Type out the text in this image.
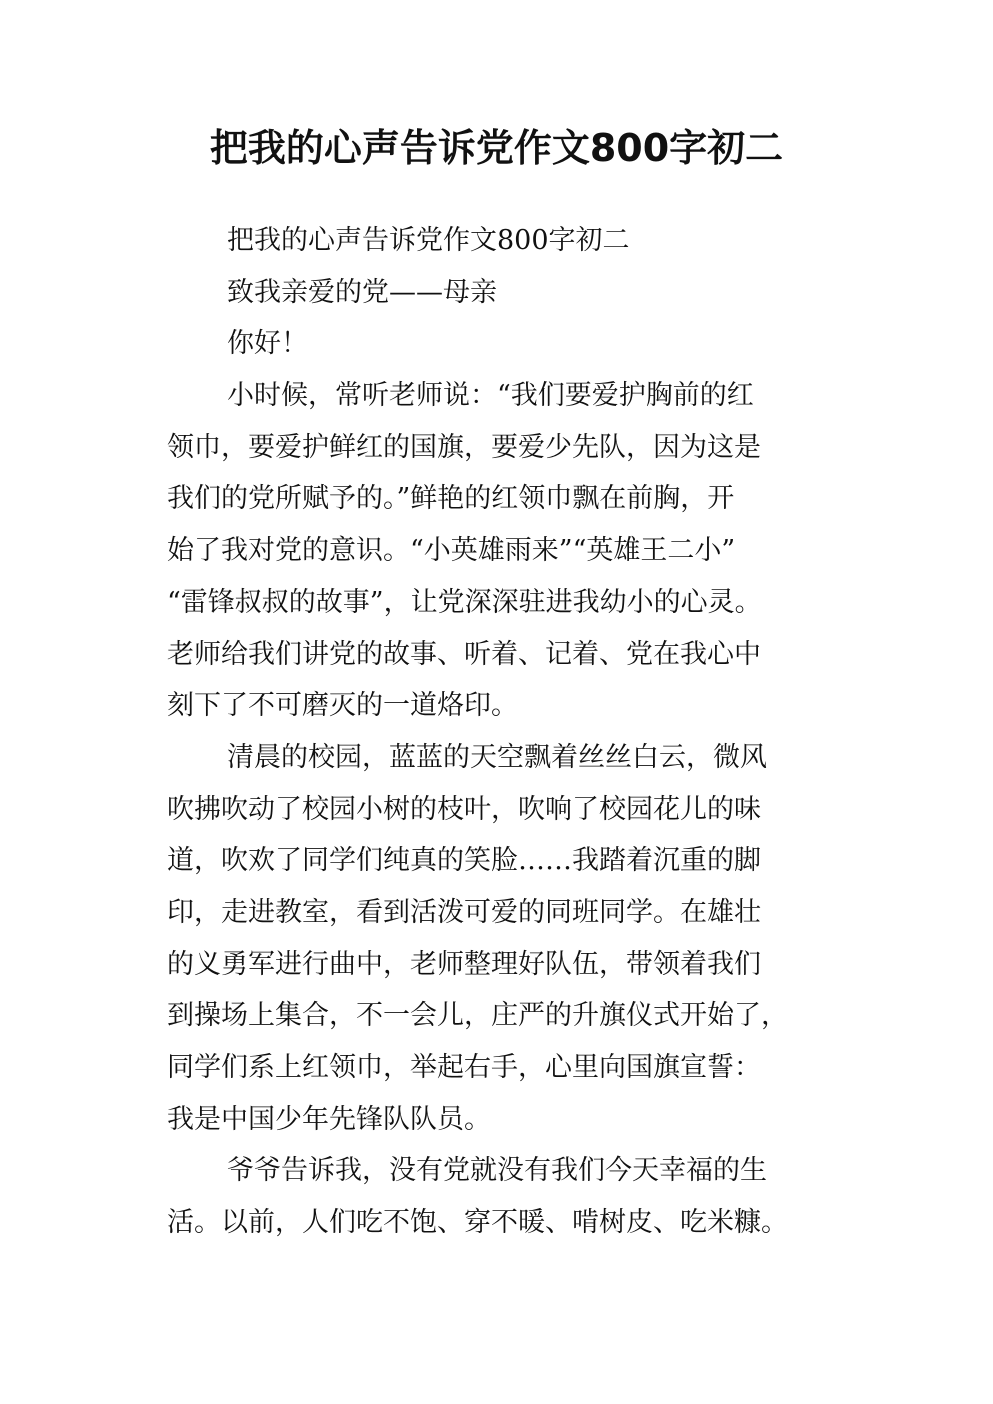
把我的心声告诉党作文800字初二
把我的心声告诉党作文800字初二
致我亲爱的党——母亲
你好！
小时候，常听老师说：“我们要爱护胸前的红
领巾，要爱护鲜红的国旗，要爱少先队，因为这是
我们的党所赋予的。”鲜艳的红领巾飘在前胸，开
始了我对党的意识。“小英雄雨来”“英雄王二小”
“雷锋叔叔的故事”，让党深深驻进我幼小的心灵。
老师给我们讲党的故事、听着、记着、党在我心中
刻下了不可磨灭的一道烙印。
清晨的校园，蓝蓝的天空飘着丝丝白云，微风
吹拂吹动了校园小树的枝叶，吹响了校园花儿的味
道，吹欢了同学们纯真的笑脸……我踏着沉重的脚
印，走进教室，看到活泼可爱的同班同学。在雄壮
的义勇军进行曲中，老师整理好队伍，带领着我们
到操场上集合，不一会儿，庄严的升旗仪式开始了，
同学们系上红领巾，举起右手，心里向国旗宣誓：
我是中国少年先锋队队员。
爷爷告诉我，没有党就没有我们今天幸福的生
活。以前，人们吃不饱、穿不暖、啃树皮、吃米糠。
